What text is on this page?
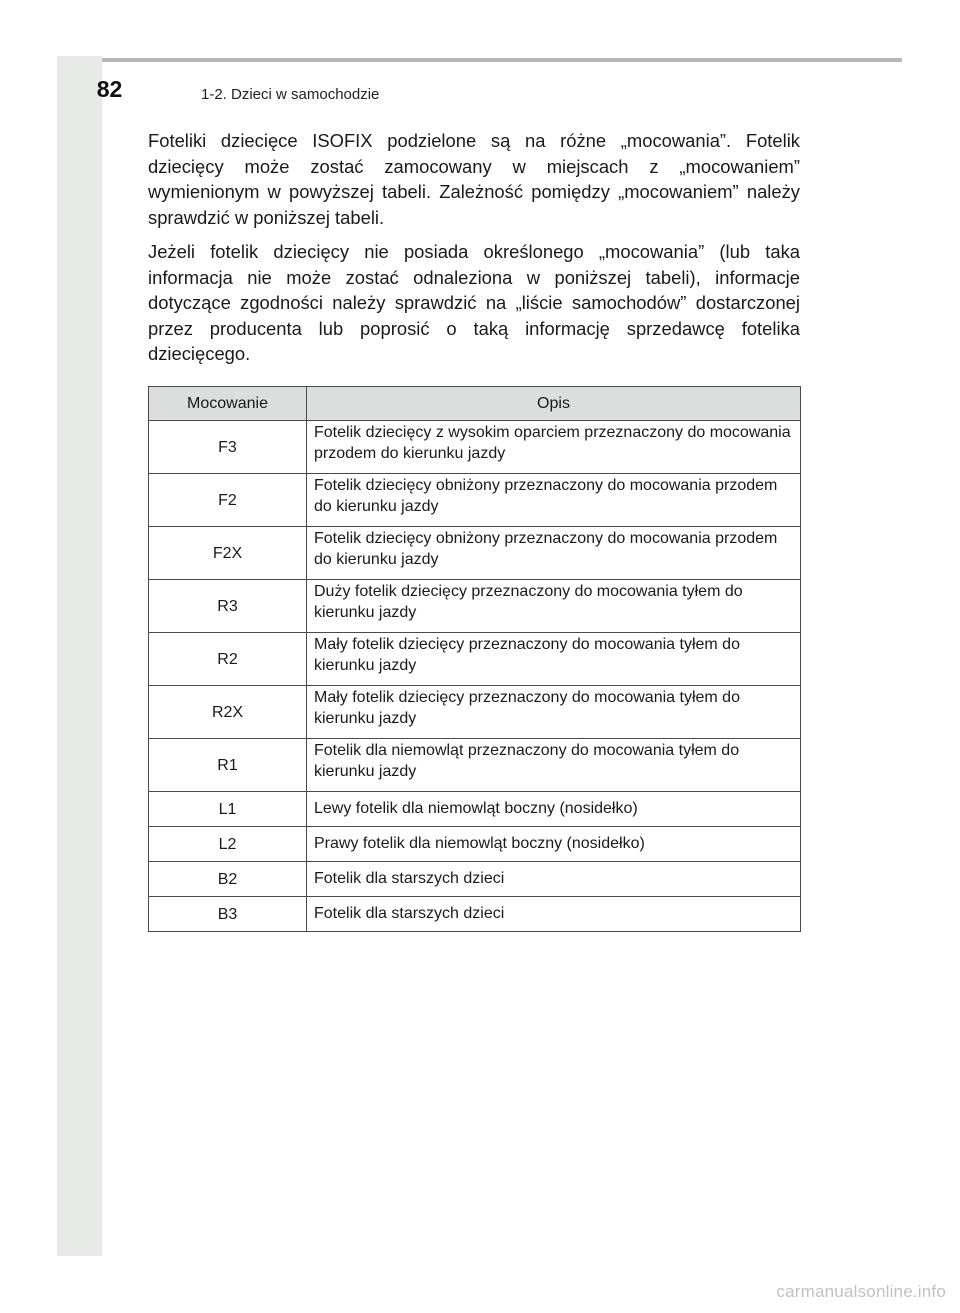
82	1-2. Dzieci w samochodzie

Foteliki dziecięce ISOFIX podzielone są na różne „mocowania”. Fotelik dziecięcy może zostać zamocowany w miejscach z „mocowaniem” wymienionym w powyższej tabeli. Zależność pomiędzy „mocowaniem” należy sprawdzić w poniższej tabeli.

Jeżeli fotelik dziecięcy nie posiada określonego „mocowania” (lub taka informacja nie może zostać odnaleziona w poniższej tabeli), informacje dotyczące zgodności należy sprawdzić na „liście samochodów” dostarczonej przez producenta lub poprosić o taką informację sprzedawcę fotelika dziecięcego.

Mocowanie	Opis
F3	Fotelik dziecięcy z wysokim oparciem przeznaczony do mocowania przodem do kierunku jazdy
F2	Fotelik dziecięcy obniżony przeznaczony do mocowania przodem do kierunku jazdy
F2X	Fotelik dziecięcy obniżony przeznaczony do mocowania przodem do kierunku jazdy
R3	Duży fotelik dziecięcy przeznaczony do mocowania tyłem do kierunku jazdy
R2	Mały fotelik dziecięcy przeznaczony do mocowania tyłem do kierunku jazdy
R2X	Mały fotelik dziecięcy przeznaczony do mocowania tyłem do kierunku jazdy
R1	Fotelik dla niemowląt przeznaczony do mocowania tyłem do kierunku jazdy
L1	Lewy fotelik dla niemowląt boczny (nosidełko)
L2	Prawy fotelik dla niemowląt boczny (nosidełko)
B2	Fotelik dla starszych dzieci
B3	Fotelik dla starszych dzieci
carmanualsonline.info
